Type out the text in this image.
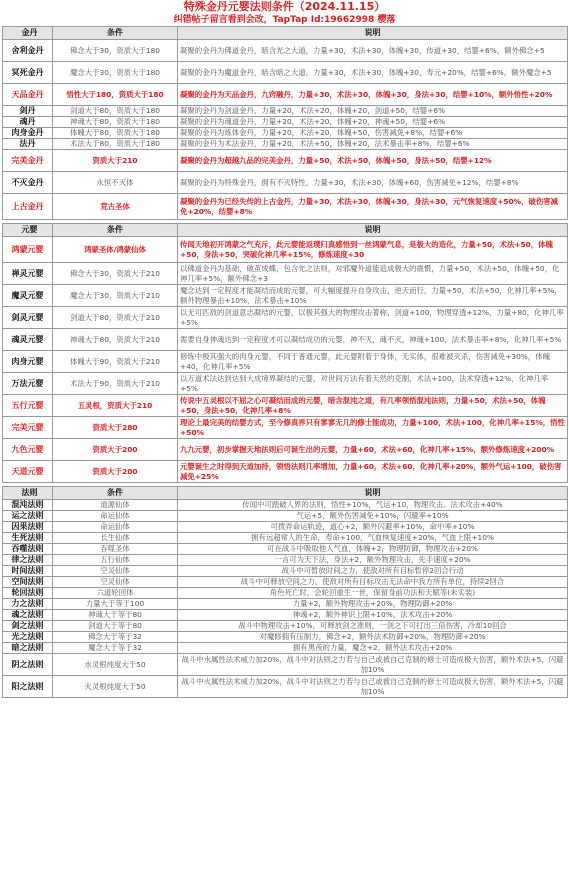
特殊金丹元婴法则条件（2024.11.15）
纠错帖子留言看到会改，TapTap Id:19662998 樱落
金丹	条件	说明
舍利金丹	佛念大于30，资质大于180	凝聚的金丹为佛道金丹，暗含光之大道，力量+30，术法+30，体魄+30，传道+30，结婴+6%，额外佛念+5
冥死金丹	魔念大于30，资质大于180	凝聚的金丹为魔道金丹，暗含暗之大道，力量+30，术法+30，体魄+30，寿元+20%，结婴+6%，额外魔念+5
天品金丹	悟性大于180，资质大于180	凝聚的金丹为天品金丹，九窍融丹，力量+30，术法+30，体魄+30，身法+30，结婴+10%，额外悟性+20%
剑丹	剑道大于80，资质大于180	凝聚的金丹为剑道金丹，力量+20，术法+20，体魄+20，剑道+50，结婴+6%
魂丹	神魂大于80，资质大于180	凝聚的金丹为魂道金丹，力量+20，术法+20，体魄+20，神魂+50，结婴+6%
肉身金丹	体魄大于80，资质大于180	凝聚的金丹为炼体金丹，力量+20，术法+20，体魄+50，伤害减免+8%，结婴+6%
法丹	术法大于80，资质大于180	凝聚的金丹为术法金丹，力量+20，术法+50，体魄+20，法术暴击率+8%，结婴+6%
完美金丹	资质大于210	凝聚的金丹为超越九品的完美金丹，力量+50，术法+50，体魄+50，身法+50，结婴+12%
不灭金丹	永恒不灭体	凝聚的金丹为特殊金丹，拥有不灭特性，力量+30，术法+30，体魄+60，伤害减免+12%，结婴+8%
上古金丹	荒古圣体	凝聚的金丹为已经失传的上古金丹，力量+30，术法+30，体魄+30，身法+30，元气恢复速度+50%，破伤害减免+20%，结婴+8%
元婴	条件	说明
鸿蒙元婴	鸿蒙圣体/鸿蒙仙体	传闻天地初开鸿蒙之气充斥，此元婴能返璞归真感悟到一丝鸿蒙气息，是极大的造化，力量+50，术法+50，体魄+50，身法+50，突破化神几率+15%，修炼速度+30
禅灵元婴	佛念大于30，资质大于210	以佛道金丹为基础，破茧成蝶，包含光之法则，对邪魔外道能造成极大的震慑，力量+50，术法+50，体魄+50，化神几率+5%，额外佛念+3
魔灵元婴	魔念大于30，资质大于210	魔念达到一定程度才能凝结而成的元婴，可大幅度提升自身攻击，逆天而行，力量+50，术法+50，化神几率+5%，额外物理暴击+10%，法术暴击+10%
剑灵元婴	剑道大于80，资质大于210	以无可匹敌的剑道意志凝结的元婴，以极其强大的物理攻击著称，剑道+100，物理穿透+12%，力量+80，化神几率+5%
魂灵元婴	神魂大于80，资质大于210	需要自身神魂达到一定程度才可以凝结成功的元婴，神不灭，魂不灭，神魂+100，法术暴击率+8%，化神几率+5%
肉身元婴	体魄大于90，资质大于210	修炼中极其强大的肉身元婴，不同于普通元婴，此元婴附着于身体，无实体，很难被灭杀，伤害减免+30%，体魄+40，化神几率+5%
万法元婴	术法大于90，资质大于210	以万道术法达到达到大成境界凝结的元婴，对世间万法有着天然的克制，术法+100，法术穿透+12%，化神几率+5%
五行元婴	五灵根，资质大于210	传说中五灵根以不屈之心可凝结而成的元婴，暗含混沌之道，有几率领悟混沌法则，力量+50，术法+50，体魄+50，身法+50，化神几率+8%
完美元婴	资质大于280	理论上最完美的结婴方式，至今修真界只有寥寥无几的修士能成功，力量+100，术法+100，化神几率+15%，悟性+50%
九色元婴	资质大于200	九九元婴，初步掌握天地法则后可诞生出的元婴，力量+60，术法+60，化神几率+15%，额外修炼速度+200%
天道元婴	资质大于200	元婴诞生之时得到天道加持，领悟法则几率增加，力量+60，术法+60，化神几率+20%，额外气运+100，破伤害减免+25%
法则	条件	说明
混沌法则	道源仙体	传闻中可踏破人界的法则，悟性+10%，气运+10，物理攻击、法术攻击+40%
运之法则	命运仙体	气运+5，额外伤害减免+10%，闪避率+10%
因果法则	命运仙体	可拨弄命运轨迹，道心+2，额外闪避率+10%，命中率+10%
生死法则	长生仙体	拥有远超常人的生命，寿命+100，气血恢复速度+20%，气血上限+10%
吞噬法则	吞噬圣体	可在战斗中吸取他人气血，体魄+2，物理防御，物理攻击+20%
律之法则	五行仙体	一言可为天下法，身法+2，额外物理攻击，先手速度+20%
时间法则	空灵仙体	战斗中可暂放时间之力，使敌对所有目标暂停2回合行动
空间法则	空灵仙体	战斗中可释放空间之力，使敌对所有目标攻击无法命中我方所有单位，持续2回合
轮回法则	六道轮回体	角色死亡时，会轮回重生一世，保留身前功法和天赋等(未实装)
力之法则	力量大于等于100	力量+2，额外物理攻击+20%，物理防御+20%
魂之法则	神魂大于等于80	神魂+2，额外神识上限+10%，法术攻击+20%
剑之法则	剑道大于等于80	战斗中物理攻击+10%，可释放剑之准则，一剑之下可打出三倍伤害，冷却10回合
光之法则	佛念大于等于32	对魔修拥有压制力，佛念+2，额外法术防御+20%，物理防御+20%
暗之法则	魔念大于等于32	拥有黑夜的力量，魔念+2，额外法术攻击+20%
阴之法则	水灵根纯度大于50	战斗中水属性法术威力加20%，战斗中对法则之力若与自己或被自己克制的修士可造成极大伤害，额外术法+5，闪避加10%
阳之法则	火灵根纯度大于50	战斗中火属性法术威力加20%，战斗中对法则之力若与自己或被自己克制的修士可造成极大伤害，额外术法+5，闪避加10%
